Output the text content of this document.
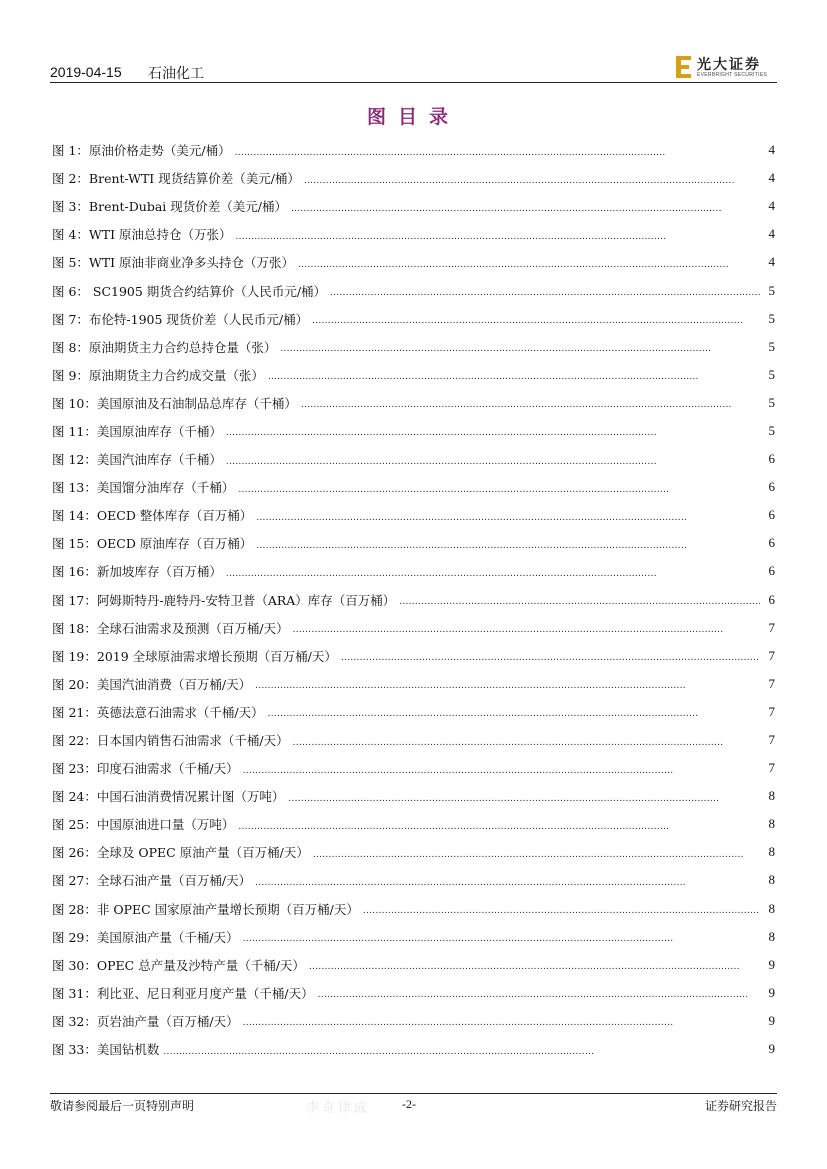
2019-04-15 石油化工
光大证券
EVERBRIGHT SECURITIES
图目录
图 1：原油价格走势（美元/桶） . . .	4
图 2：Brent-WTI 现货结算价差（美元/桶） . . .	4
图 3：Brent-Dubai 现货价差（美元/桶） . . .	4
图 4：WTI 原油总持仓（万张） . . .	4
图 5：WTI 原油非商业净多头持仓（万张） . . .	4
图 6： SC1905 期货合约结算价（人民币元/桶） . . .	5
图 7：布伦特-1905 现货价差（人民币元/桶） . . .	5
图 8：原油期货主力合约总持仓量（张） . . .	5
图 9：原油期货主力合约成交量（张） . . .	5
图 10：美国原油及石油制品总库存（千桶） . . .	5
图 11：美国原油库存（千桶） . . .	5
图 12：美国汽油库存（千桶） . . .	6
图 13：美国馏分油库存（千桶） . . .	6
图 14：OECD 整体库存（百万桶） . . .	6
图 15：OECD 原油库存（百万桶） . . .	6
图 16：新加坡库存（百万桶） . . .	6
图 17：阿姆斯特丹-鹿特丹-安特卫普（ARA）库存（百万桶） . . .	6
图 18：全球石油需求及预测（百万桶/天） . . .	7
图 19：2019 全球原油需求增长预期（百万桶/天） . . .	7
图 20：美国汽油消费（百万桶/天） . . .	7
图 21：英德法意石油需求（千桶/天） . . .	7
图 22：日本国内销售石油需求（千桶/天） . . .	7
图 23：印度石油需求（千桶/天） . . .	7
图 24：中国石油消费情况累计图（万吨） . . .	8
图 25：中国原油进口量（万吨） . . .	8
图 26：全球及 OPEC 原油产量（百万桶/天） . . .	8
图 27：全球石油产量（百万桶/天） . . .	8
图 28：非 OPEC 国家原油产量增长预期（百万桶/天） . . .	8
图 29：美国原油产量（千桶/天） . . .	8
图 30：OPEC 总产量及沙特产量（千桶/天） . . .	9
图 31：利比亚、尼日利亚月度产量（千桶/天） . . .	9
图 32：页岩油产量（百万桶/天） . . .	9
图 33：美国钻机数 . . .	9
敬请参阅最后一页特别声明	李奇律成	-2-	证券研究报告
